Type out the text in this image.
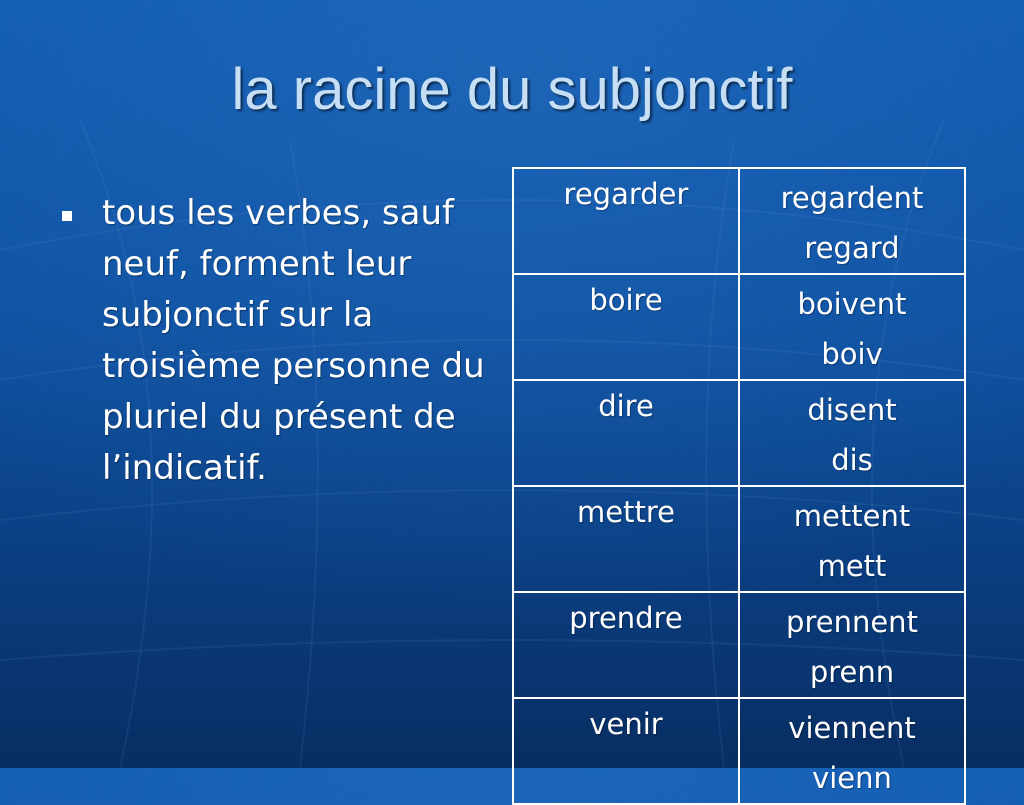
la racine du subjonctif

tous les verbes, sauf neuf, forment leur subjonctif sur la troisième personne du pluriel du présent de l’indicatif.

regarder	regardent
regard

boire	boivent
boiv

dire	disent
dis

mettre	mettent
mett

prendre	prennent
prenn

venir	viennent
vienn
